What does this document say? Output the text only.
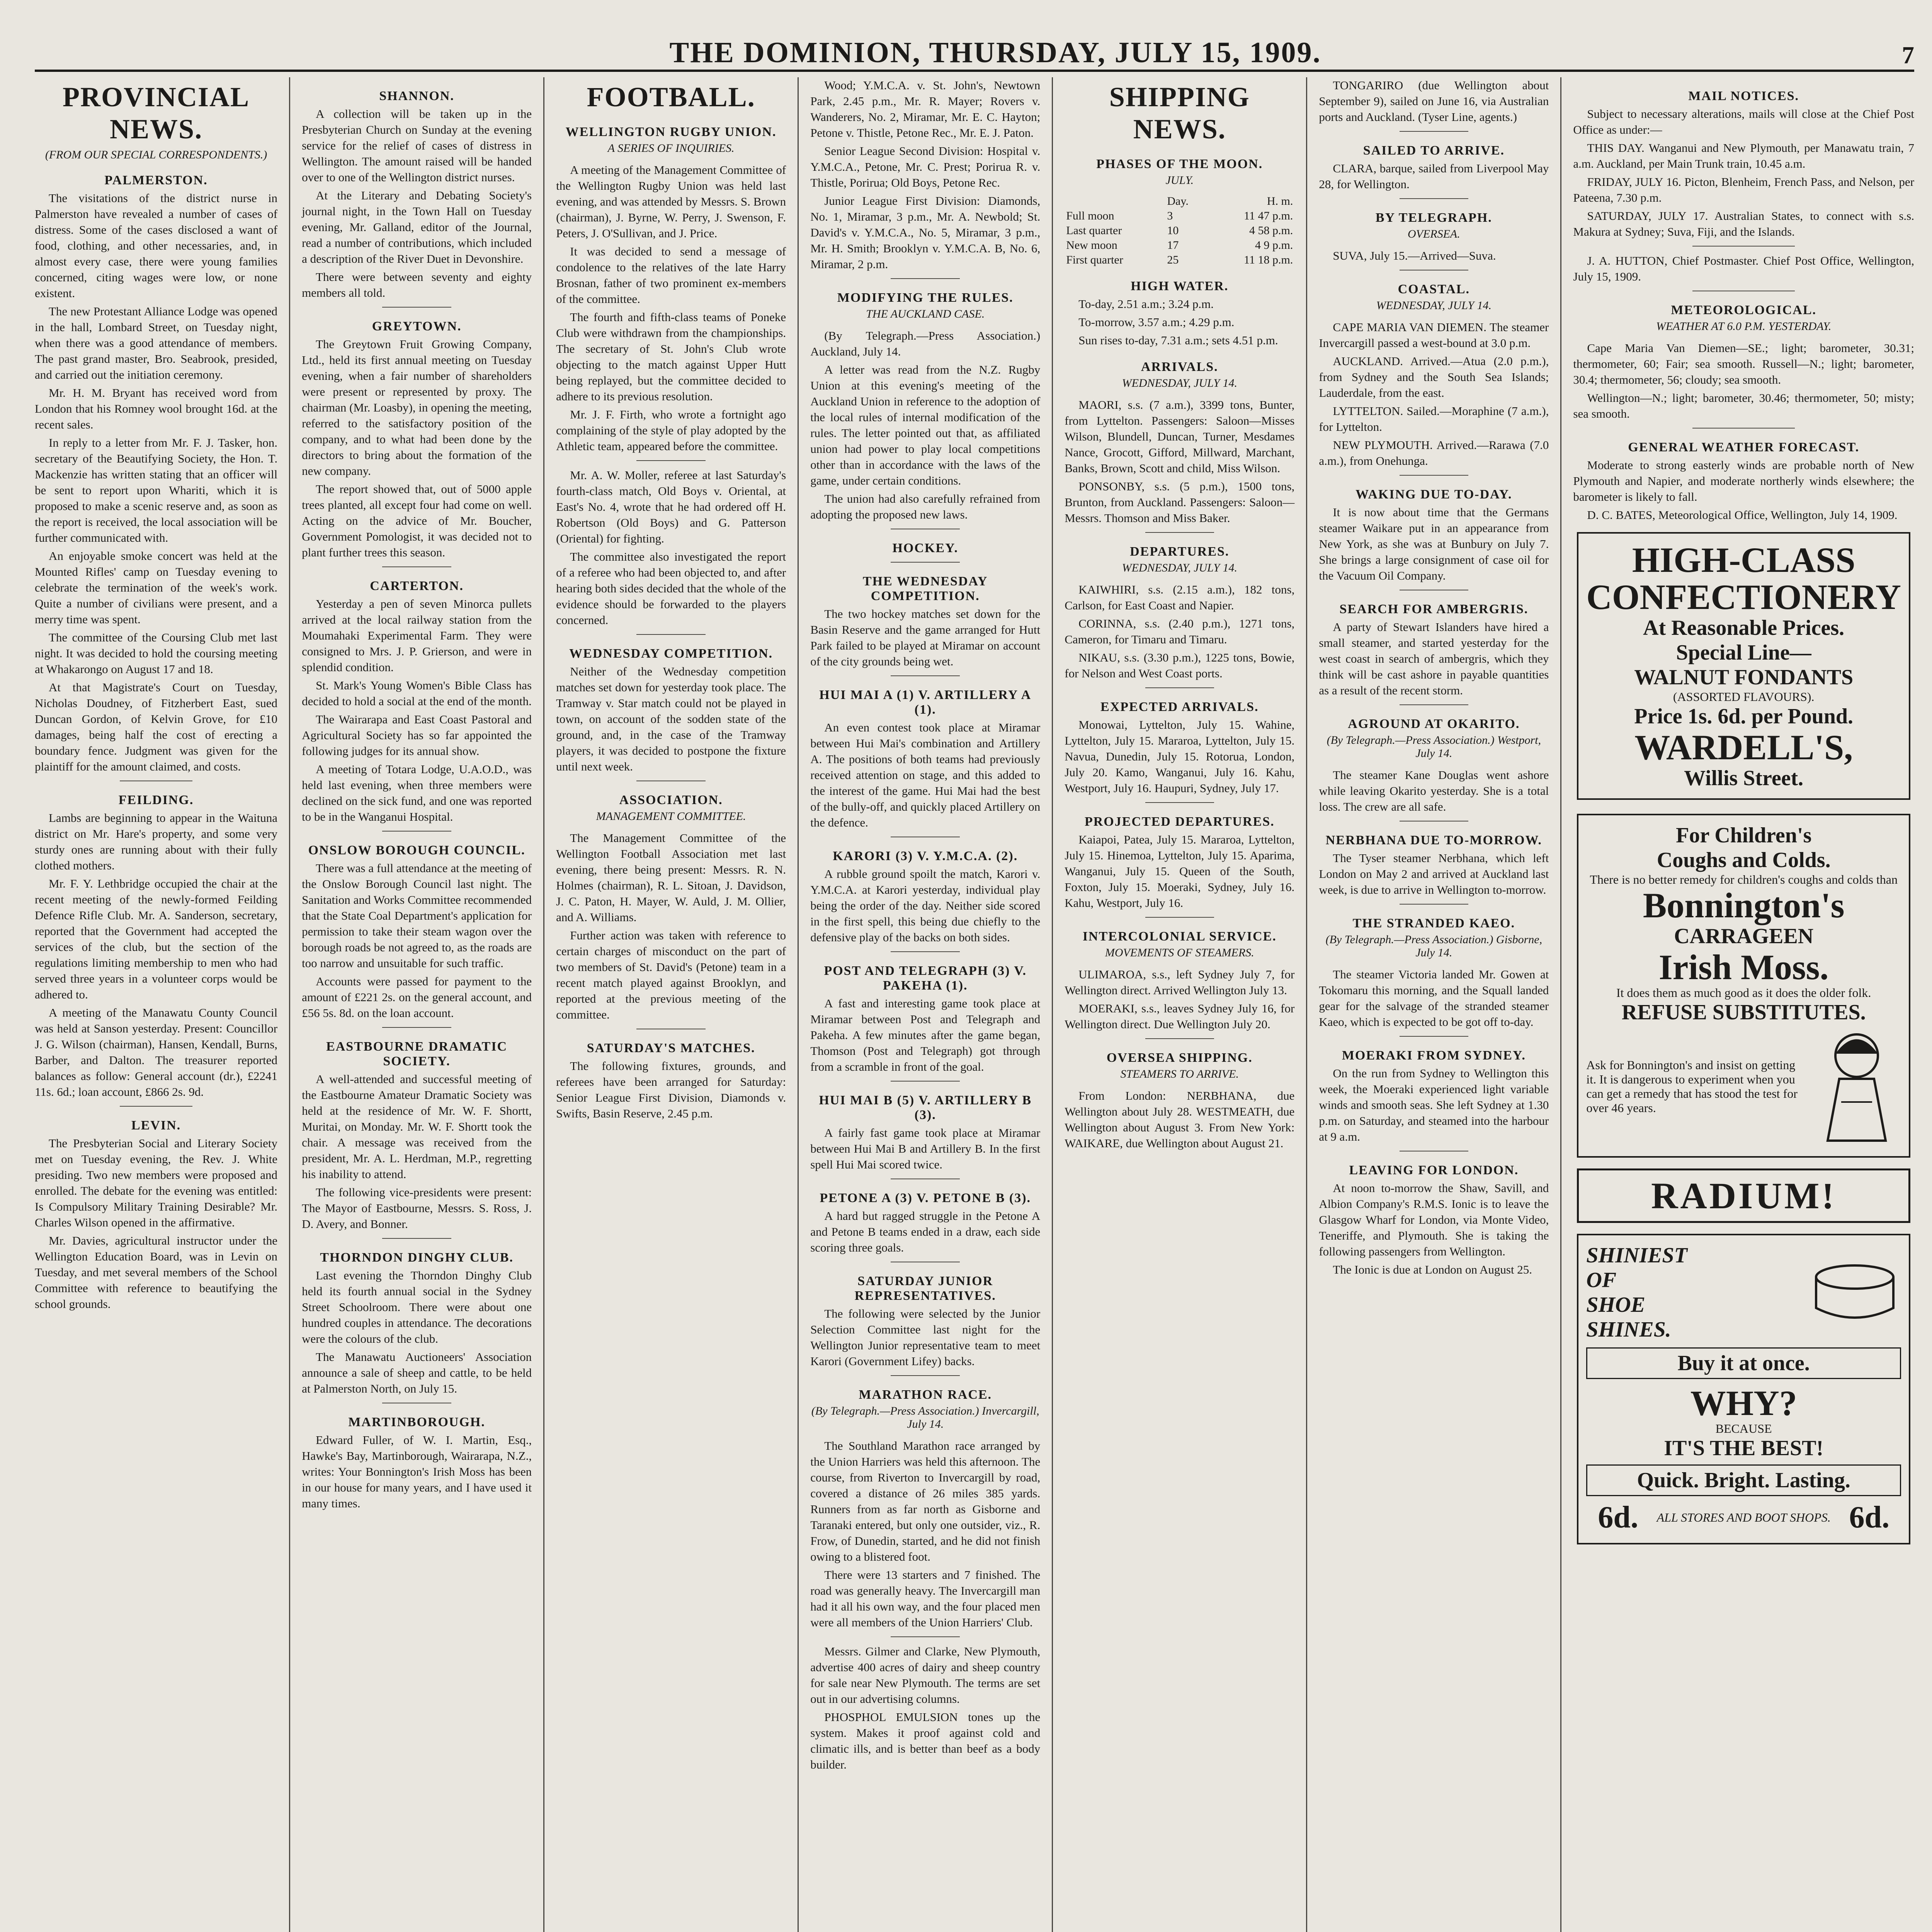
THE DOMINION, THURSDAY, JULY 15, 1909.	7
PROVINCIAL NEWS.
(FROM OUR SPECIAL CORRESPONDENTS.)
PALMERSTON.

The visitations of the district nurse in Palmerston have revealed a number of cases of distress. Some of the cases disclosed a want of food, clothing, and other necessaries, and, in almost every case, there were young families concerned, citing wages were low, or none existent.

The new Protestant Alliance Lodge was opened in the hall, Lombard Street, on Tuesday night, when there was a good attendance of members. The past grand master, Bro. Seabrook, presided, and carried out the initiation ceremony.

Mr. H. M. Bryant has received word from London that his Romney wool brought 16d. at the recent sales.

In reply to a letter from Mr. F. J. Tasker, hon. secretary of the Beautifying Society, the Hon. T. Mackenzie has written stating that an officer will be sent to report upon Whariti, which it is proposed to make a scenic reserve and, as soon as the report is received, the local association will be further communicated with.

An enjoyable smoke concert was held at the Mounted Rifles' camp on Tuesday evening to celebrate the termination of the week's work. Quite a number of civilians were present, and a merry time was spent.

The committee of the Coursing Club met last night. It was decided to hold the coursing meeting at Whakarongo on August 17 and 18.

At that Magistrate's Court on Tuesday, Nicholas Doudney, of Fitzherbert East, sued Duncan Gordon, of Kelvin Grove, for £10 damages, being half the cost of erecting a boundary fence. Judgment was given for the plaintiff for the amount claimed, and costs.

FEILDING.

Lambs are beginning to appear in the Waituna district on Mr. Hare's property, and some very sturdy ones are running about with their fully clothed mothers.

Mr. F. Y. Lethbridge occupied the chair at the recent meeting of the newly-formed Feilding Defence Rifle Club. Mr. A. Sanderson, secretary, reported that the Government had accepted the services of the club, but the section of the regulations limiting membership to men who had served three years in a volunteer corps would be adhered to.

A meeting of the Manawatu County Council was held at Sanson yesterday. Present: Councillor J. G. Wilson (chairman), Hansen, Kendall, Burns, Barber, and Dalton. The treasurer reported balances as follow: General account (dr.), £2241 11s. 6d.; loan account, £866 2s. 9d.

LEVIN.

The Presbyterian Social and Literary Society met on Tuesday evening, the Rev. J. White presiding. Two new members were proposed and enrolled. The debate for the evening was entitled: Is Compulsory Military Training Desirable? Mr. Charles Wilson opened in the affirmative.

Mr. Davies, agricultural instructor under the Wellington Education Board, was in Levin on Tuesday, and met several members of the School Committee with reference to beautifying the school grounds.

SHANNON.

A collection will be taken up in the Presbyterian Church on Sunday at the evening service for the relief of cases of distress in Wellington. The amount raised will be handed over to one of the Wellington district nurses.

At the Literary and Debating Society's journal night, in the Town Hall on Tuesday evening, Mr. Galland, editor of the Journal, read a number of contributions, which included a description of the River Duet in Devonshire.

There were between seventy and eighty members all told.

GREYTOWN.

The Greytown Fruit Growing Company, Ltd., held its first annual meeting on Tuesday evening, when a fair number of shareholders were present or represented by proxy. The chairman (Mr. Loasby), in opening the meeting, referred to the satisfactory position of the company, and to what had been done by the directors to bring about the formation of the new company.

The report showed that, out of 5000 apple trees planted, all except four had come on well. Acting on the advice of Mr. Boucher, Government Pomologist, it was decided not to plant further trees this season.

CARTERTON.

Yesterday a pen of seven Minorca pullets arrived at the local railway station from the Moumahaki Experimental Farm. They were consigned to Mrs. J. P. Grierson, and were in splendid condition.

St. Mark's Young Women's Bible Class has decided to hold a social at the end of the month.

The Wairarapa and East Coast Pastoral and Agricultural Society has so far appointed the following judges for its annual show.

A meeting of Totara Lodge, U.A.O.D., was held last evening, when three members were declined on the sick fund, and one was reported to be in the Wanganui Hospital.

ONSLOW BOROUGH COUNCIL.

There was a full attendance at the meeting of the Onslow Borough Council last night. The Sanitation and Works Committee recommended that the State Coal Department's application for permission to take their steam wagon over the borough roads be not agreed to, as the roads are too narrow and unsuitable for such traffic.

Accounts were passed for payment to the amount of £221 2s. on the general account, and £56 5s. 8d. on the loan account.

EASTBOURNE DRAMATIC SOCIETY.

A well-attended and successful meeting of the Eastbourne Amateur Dramatic Society was held at the residence of Mr. W. F. Shortt, Muritai, on Monday. Mr. W. F. Shortt took the chair. A message was received from the president, Mr. A. L. Herdman, M.P., regretting his inability to attend.

The following vice-presidents were present: The Mayor of Eastbourne, Messrs. S. Ross, J. D. Avery, and Bonner.

THORNDON DINGHY CLUB.

Last evening the Thorndon Dinghy Club held its fourth annual social in the Sydney Street Schoolroom. There were about one hundred couples in attendance. The decorations were the colours of the club.

The Manawatu Auctioneers' Association announce a sale of sheep and cattle, to be held at Palmerston North, on July 15.

MARTINBOROUGH.

Edward Fuller, of W. I. Martin, Esq., Hawke's Bay, Martinborough, Wairarapa, N.Z., writes: Your Bonnington's Irish Moss has been in our house for many years, and I have used it many times.

FOOTBALL.
WELLINGTON RUGBY UNION.
A SERIES OF INQUIRIES.

A meeting of the Management Committee of the Wellington Rugby Union was held last evening, and was attended by Messrs. S. Brown (chairman), J. Byrne, W. Perry, J. Swenson, F. Peters, J. O'Sullivan, and J. Price.

It was decided to send a message of condolence to the relatives of the late Harry Brosnan, father of two prominent ex-members of the committee.

The fourth and fifth-class teams of Poneke Club were withdrawn from the championships. The secretary of St. John's Club wrote objecting to the match against Upper Hutt being replayed, but the committee decided to adhere to its previous resolution.

Mr. J. F. Firth, who wrote a fortnight ago complaining of the style of play adopted by the Athletic team, appeared before the committee.

Mr. A. W. Moller, referee at last Saturday's fourth-class match, Old Boys v. Oriental, at East's No. 4, wrote that he had ordered off H. Robertson (Old Boys) and G. Patterson (Oriental) for fighting.

The committee also investigated the report of a referee who had been objected to, and after hearing both sides decided that the whole of the evidence should be forwarded to the players concerned.

WEDNESDAY COMPETITION.

Neither of the Wednesday competition matches set down for yesterday took place. The Tramway v. Star match could not be played in town, on account of the sodden state of the ground, and, in the case of the Tramway players, it was decided to postpone the fixture until next week.

ASSOCIATION.
MANAGEMENT COMMITTEE.

The Management Committee of the Wellington Football Association met last evening, there being present: Messrs. R. N. Holmes (chairman), R. L. Sitoan, J. Davidson, J. C. Paton, H. Mayer, W. Auld, J. M. Ollier, and A. Williams.

Further action was taken with reference to certain charges of misconduct on the part of two members of St. David's (Petone) team in a recent match played against Brooklyn, and reported at the previous meeting of the committee.

SATURDAY'S MATCHES.

The following fixtures, grounds, and referees have been arranged for Saturday: Senior League First Division, Diamonds v. Swifts, Basin Reserve, 2.45 p.m.

Wood; Y.M.C.A. v. St. John's, Newtown Park, 2.45 p.m., Mr. R. Mayer; Rovers v. Wanderers, No. 2, Miramar, Mr. E. C. Hayton; Petone v. Thistle, Petone Rec., Mr. E. J. Paton.

Senior League Second Division: Hospital v. Y.M.C.A., Petone, Mr. C. Prest; Porirua R. v. Thistle, Porirua; Old Boys, Petone Rec.

Junior League First Division: Diamonds, No. 1, Miramar, 3 p.m., Mr. A. Newbold; St. David's v. Y.M.C.A., No. 5, Miramar, 3 p.m., Mr. H. Smith; Brooklyn v. Y.M.C.A. B, No. 6, Miramar, 2 p.m.

MODIFYING THE RULES.
THE AUCKLAND CASE.

(By Telegraph.—Press Association.) Auckland, July 14.

A letter was read from the N.Z. Rugby Union at this evening's meeting of the Auckland Union in reference to the adoption of the local rules of internal modification of the rules. The letter pointed out that, as affiliated union had power to play local competitions other than in accordance with the laws of the game, under certain conditions.

The union had also carefully refrained from adopting the proposed new laws.

HOCKEY.
THE WEDNESDAY COMPETITION.

The two hockey matches set down for the Basin Reserve and the game arranged for Hutt Park failed to be played at Miramar on account of the city grounds being wet.

HUI MAI A (1) V. ARTILLERY A (1).

An even contest took place at Miramar between Hui Mai's combination and Artillery A. The positions of both teams had previously received attention on stage, and this added to the interest of the game. Hui Mai had the best of the bully-off, and quickly placed Artillery on the defence.

KARORI (3) V. Y.M.C.A. (2).

A rubble ground spoilt the match, Karori v. Y.M.C.A. at Karori yesterday, individual play being the order of the day. Neither side scored in the first spell, this being due chiefly to the defensive play of the backs on both sides.

POST AND TELEGRAPH (3) V. PAKEHA (1).

A fast and interesting game took place at Miramar between Post and Telegraph and Pakeha. A few minutes after the game began, Thomson (Post and Telegraph) got through from a scramble in front of the goal.

HUI MAI B (5) V. ARTILLERY B (3).

A fairly fast game took place at Miramar between Hui Mai B and Artillery B. In the first spell Hui Mai scored twice.

PETONE A (3) V. PETONE B (3).

A hard but ragged struggle in the Petone A and Petone B teams ended in a draw, each side scoring three goals.

SATURDAY JUNIOR REPRESENTATIVES.

The following were selected by the Junior Selection Committee last night for the Wellington Junior representative team to meet Karori (Government Lifey) backs.

MARATHON RACE.
(By Telegraph.—Press Association.) Invercargill, July 14.

The Southland Marathon race arranged by the Union Harriers was held this afternoon. The course, from Riverton to Invercargill by road, covered a distance of 26 miles 385 yards. Runners from as far north as Gisborne and Taranaki entered, but only one outsider, viz., R. Frow, of Dunedin, started, and he did not finish owing to a blistered foot.

There were 13 starters and 7 finished. The road was generally heavy. The Invercargill man had it all his own way, and the four placed men were all members of the Union Harriers' Club.

Messrs. Gilmer and Clarke, New Plymouth, advertise 400 acres of dairy and sheep country for sale near New Plymouth. The terms are set out in our advertising columns.

PHOSPHOL EMULSION tones up the system. Makes it proof against cold and climatic ills, and is better than beef as a body builder.

SHIPPING NEWS.
PHASES OF THE MOON.
JULY.
	Day.	H. m.
Full moon	3	11 47 p.m.
Last quarter	10	4 58 p.m.
New moon	17	4 9 p.m.
First quarter	25	11 18 p.m.
HIGH WATER.

To-day, 2.51 a.m.; 3.24 p.m.

To-morrow, 3.57 a.m.; 4.29 p.m.

Sun rises to-day, 7.31 a.m.; sets 4.51 p.m.

ARRIVALS.
WEDNESDAY, JULY 14.

MAORI, s.s. (7 a.m.), 3399 tons, Bunter, from Lyttelton. Passengers: Saloon—Misses Wilson, Blundell, Duncan, Turner, Mesdames Nance, Grocott, Gifford, Millward, Marchant, Banks, Brown, Scott and child, Miss Wilson.

PONSONBY, s.s. (5 p.m.), 1500 tons, Brunton, from Auckland. Passengers: Saloon—Messrs. Thomson and Miss Baker.

DEPARTURES.
WEDNESDAY, JULY 14.

KAIWHIRI, s.s. (2.15 a.m.), 182 tons, Carlson, for East Coast and Napier.

CORINNA, s.s. (2.40 p.m.), 1271 tons, Cameron, for Timaru and Timaru.

NIKAU, s.s. (3.30 p.m.), 1225 tons, Bowie, for Nelson and West Coast ports.

EXPECTED ARRIVALS.

Monowai, Lyttelton, July 15. Wahine, Lyttelton, July 15. Mararoa, Lyttelton, July 15. Navua, Dunedin, July 15. Rotorua, London, July 20. Kamo, Wanganui, July 16. Kahu, Westport, July 16. Haupuri, Sydney, July 17.

PROJECTED DEPARTURES.

Kaiapoi, Patea, July 15. Mararoa, Lyttelton, July 15. Hinemoa, Lyttelton, July 15. Aparima, Wanganui, July 15. Queen of the South, Foxton, July 15. Moeraki, Sydney, July 16. Kahu, Westport, July 16.

INTERCOLONIAL SERVICE.
MOVEMENTS OF STEAMERS.

ULIMAROA, s.s., left Sydney July 7, for Wellington direct. Arrived Wellington July 13.

MOERAKI, s.s., leaves Sydney July 16, for Wellington direct. Due Wellington July 20.

OVERSEA SHIPPING.
STEAMERS TO ARRIVE.

From London: NERBHANA, due Wellington about July 28. WESTMEATH, due Wellington about August 3. From New York: WAIKARE, due Wellington about August 21.

TONGARIRO (due Wellington about September 9), sailed on June 16, via Australian ports and Auckland. (Tyser Line, agents.)

SAILED TO ARRIVE.

CLARA, barque, sailed from Liverpool May 28, for Wellington.

BY TELEGRAPH.
OVERSEA.

SUVA, July 15.—Arrived—Suva.

COASTAL.
WEDNESDAY, JULY 14.

CAPE MARIA VAN DIEMEN. The steamer Invercargill passed a west-bound at 3.0 p.m.

AUCKLAND. Arrived.—Atua (2.0 p.m.), from Sydney and the South Sea Islands; Lauderdale, from the east.

LYTTELTON. Sailed.—Moraphine (7 a.m.), for Lyttelton.

NEW PLYMOUTH. Arrived.—Rarawa (7.0 a.m.), from Onehunga.

WAKING DUE TO-DAY.

It is now about time that the Germans steamer Waikare put in an appearance from New York, as she was at Bunbury on July 7. She brings a large consignment of case oil for the Vacuum Oil Company.

SEARCH FOR AMBERGRIS.

A party of Stewart Islanders have hired a small steamer, and started yesterday for the west coast in search of ambergris, which they think will be cast ashore in payable quantities as a result of the recent storm.

AGROUND AT OKARITO.
(By Telegraph.—Press Association.) Westport, July 14.

The steamer Kane Douglas went ashore while leaving Okarito yesterday. She is a total loss. The crew are all safe.

NERBHANA DUE TO-MORROW.

The Tyser steamer Nerbhana, which left London on May 2 and arrived at Auckland last week, is due to arrive in Wellington to-morrow.

THE STRANDED KAEO.
(By Telegraph.—Press Association.) Gisborne, July 14.

The steamer Victoria landed Mr. Gowen at Tokomaru this morning, and the Squall landed gear for the salvage of the stranded steamer Kaeo, which is expected to be got off to-day.

MOERAKI FROM SYDNEY.

On the run from Sydney to Wellington this week, the Moeraki experienced light variable winds and smooth seas. She left Sydney at 1.30 p.m. on Saturday, and steamed into the harbour at 9 a.m.

LEAVING FOR LONDON.

At noon to-morrow the Shaw, Savill, and Albion Company's R.M.S. Ionic is to leave the Glasgow Wharf for London, via Monte Video, Teneriffe, and Plymouth. She is taking the following passengers from Wellington.

The Ionic is due at London on August 25.

MAIL NOTICES.

Subject to necessary alterations, mails will close at the Chief Post Office as under:—

THIS DAY. Wanganui and New Plymouth, per Manawatu train, 7 a.m. Auckland, per Main Trunk train, 10.45 a.m.

FRIDAY, JULY 16. Picton, Blenheim, French Pass, and Nelson, per Pateena, 7.30 p.m.

SATURDAY, JULY 17. Australian States, to connect with s.s. Makura at Sydney; Suva, Fiji, and the Islands.

J. A. HUTTON, Chief Postmaster. Chief Post Office, Wellington, July 15, 1909.

METEOROLOGICAL.
WEATHER AT 6.0 P.M. YESTERDAY.

Cape Maria Van Diemen—SE.; light; barometer, 30.31; thermometer, 60; Fair; sea smooth. Russell—N.; light; barometer, 30.4; thermometer, 56; cloudy; sea smooth.

Wellington—N.; light; barometer, 30.46; thermometer, 50; misty; sea smooth.

GENERAL WEATHER FORECAST.

Moderate to strong easterly winds are probable north of New Plymouth and Napier, and moderate northerly winds elsewhere; the barometer is likely to fall.

D. C. BATES, Meteorological Office, Wellington, July 14, 1909.

HIGH-CLASS
CONFECTIONERY
At Reasonable Prices.
Special Line—
WALNUT FONDANTS
(ASSORTED FLAVOURS).
Price 1s. 6d. per Pound.
WARDELL'S,
Willis Street.
For Children's
Coughs and Colds.
There is no better remedy for children's coughs and colds than
Bonnington's
CARRAGEEN
Irish Moss.
It does them as much good as it does the older folk.
REFUSE SUBSTITUTES.
Ask for Bonnington's and insist on getting it. It is dangerous to experiment when you can get a remedy that has stood the test for over 46 years.
RADIUM!
SHINIEST
OF
SHOE
SHINES.
Buy it at once.
WHY?
BECAUSE
IT'S THE BEST!
Quick. Bright. Lasting.
6d. ALL STORES AND BOOT SHOPS. 6d.
